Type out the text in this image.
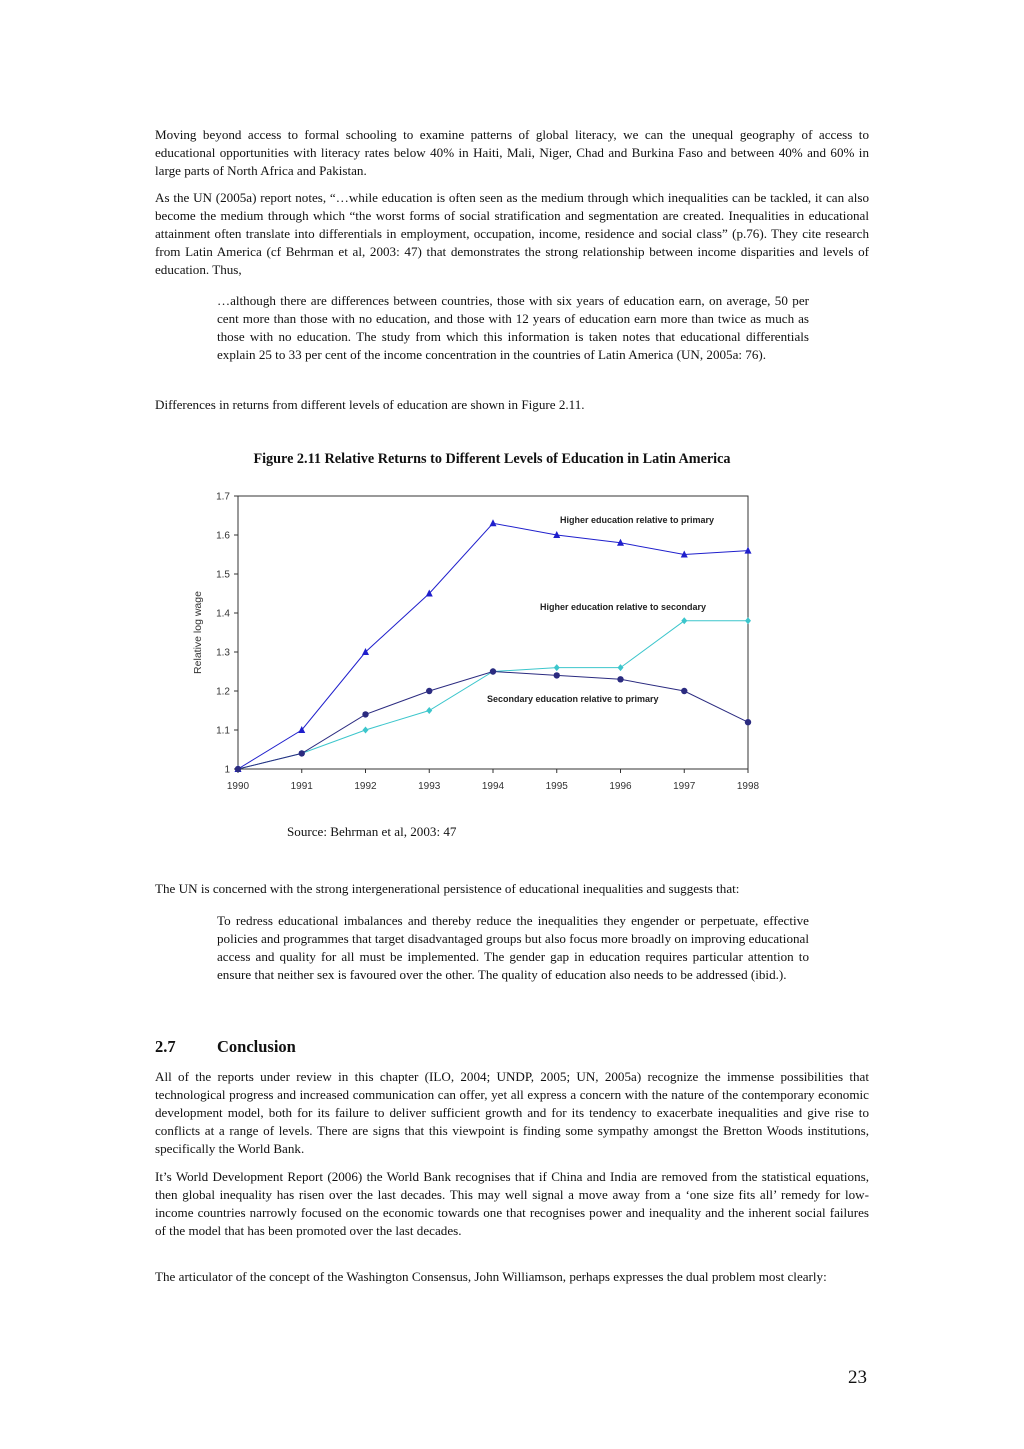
Moving beyond access to formal schooling to examine patterns of global literacy, we can the unequal geography of access to educational opportunities with literacy rates below 40% in Haiti, Mali, Niger, Chad and Burkina Faso and between 40% and 60% in large parts of North Africa and Pakistan.

As the UN (2005a) report notes, “…while education is often seen as the medium through which inequalities can be tackled, it can also become the medium through which “the worst forms of social stratification and segmentation are created. Inequalities in educational attainment often translate into differentials in employment, occupation, income, residence and social class” (p.76). They cite research from Latin America (cf Behrman et al, 2003: 47) that demonstrates the strong relationship between income disparities and levels of education. Thus,

…although there are differences between countries, those with six years of education earn, on average, 50 per cent more than those with no education, and those with 12 years of education earn more than twice as much as those with no education. The study from which this information is taken notes that educational differentials explain 25 to 33 per cent of the income concentration in the countries of Latin America (UN, 2005a: 76).

Differences in returns from different levels of education are shown in Figure 2.11.

Figure 2.11 Relative Returns to Different Levels of Education in Latin America

1
1.1
1.2
1.3
1.4
1.5
1.6
1.7
1990	1991	1992	1993	1994	1995	1996	1997	1998
Relative log wage
Higher education relative to primary
Higher education relative to secondary
Secondary education relative to primary

Source: Behrman et al, 2003: 47

The UN is concerned with the strong intergenerational persistence of educational inequalities and suggests that:

To redress educational imbalances and thereby reduce the inequalities they engender or perpetuate, effective policies and programmes that target disadvantaged groups but also focus more broadly on improving educational access and quality for all must be implemented. The gender gap in education requires particular attention to ensure that neither sex is favoured over the other. The quality of education also needs to be addressed (ibid.).

2.7	Conclusion

All of the reports under review in this chapter (ILO, 2004; UNDP, 2005; UN, 2005a) recognize the immense possibilities that technological progress and increased communication can offer, yet all express a concern with the nature of the contemporary economic development model, both for its failure to deliver sufficient growth and for its tendency to exacerbate inequalities and give rise to conflicts at a range of levels. There are signs that this viewpoint is finding some sympathy amongst the Bretton Woods institutions, specifically the World Bank.

It’s World Development Report (2006) the World Bank recognises that if China and India are removed from the statistical equations, then global inequality has risen over the last decades. This may well signal a move away from a ‘one size fits all’ remedy for low-income countries narrowly focused on the economic towards one that recognises power and inequality and the inherent social failures of the model that has been promoted over the last decades.

The articulator of the concept of the Washington Consensus, John Williamson, perhaps expresses the dual problem most clearly:

23
